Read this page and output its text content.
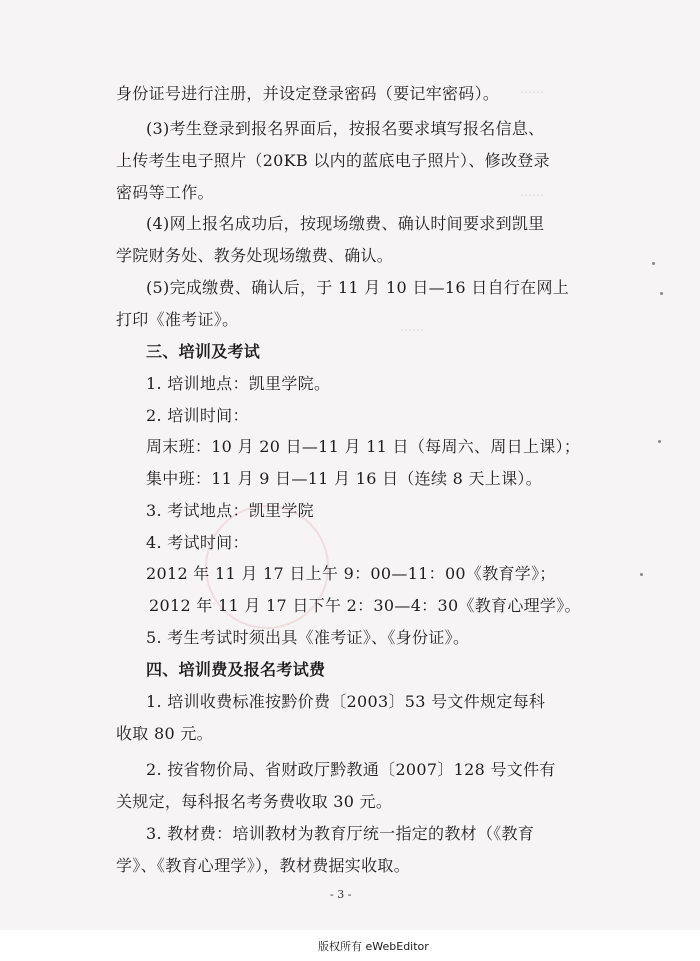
……
……
……
身份证号进行注册，并设定登录密码（要记牢密码）。
(3)考生登录到报名界面后，按报名要求填写报名信息、
上传考生电子照片（20KB 以内的蓝底电子照片）、修改登录
密码等工作。
(4)网上报名成功后，按现场缴费、确认时间要求到凯里
学院财务处、教务处现场缴费、确认。
(5)完成缴费、确认后，于 11 月 10 日—16 日自行在网上
打印《准考证》。
三、培训及考试
1. 培训地点：凯里学院。
2. 培训时间：
周末班：10 月 20 日—11 月 11 日（每周六、周日上课）；
集中班：11 月 9 日—11 月 16 日（连续 8 天上课）。
3. 考试地点：凯里学院
4. 考试时间：
2012 年 11 月 17 日上午 9：00—11：00《教育学》；
2012 年 11 月 17 日下午 2：30—4：30《教育心理学》。
5. 考生考试时须出具《准考证》、《身份证》。
四、培训费及报名考试费
1. 培训收费标准按黔价费〔2003〕53 号文件规定每科
收取 80 元。
2. 按省物价局、省财政厅黔教通〔2007〕128 号文件有
关规定，每科报名考务费收取 30 元。
3. 教材费：培训教材为教育厅统一指定的教材（《教育
学》、《教育心理学》），教材费据实收取。
- 3 -
版权所有 eWebEditor
